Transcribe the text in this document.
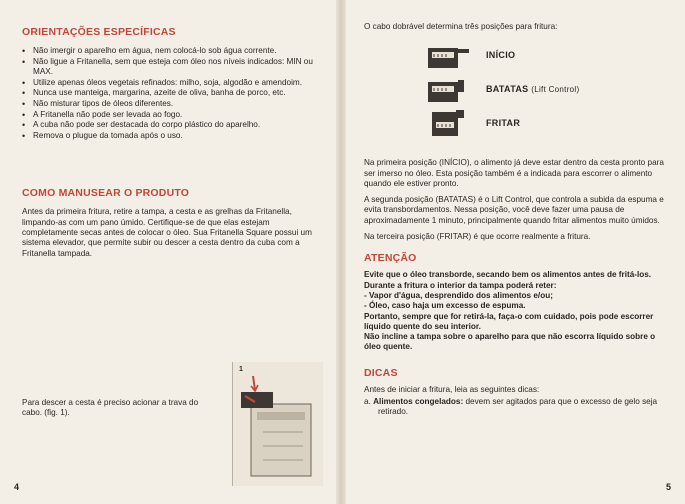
ORIENTAÇÕES ESPECÍFICAS
• Não imergir o aparelho em água, nem colocá-lo sob água corrente.
• Não ligue a Fritanella, sem que esteja com óleo nos níveis indicados: MIN ou MAX.
• Utilize apenas óleos vegetais refinados: milho, soja, algodão e amendoim.
• Nunca use manteiga, margarina, azeite de oliva, banha de porco, etc.
• Não misturar tipos de óleos diferentes.
• A Fritanella não pode ser levada ao fogo.
• A cuba não pode ser destacada do corpo plástico do aparelho.
• Remova o plugue da tomada após o uso.
COMO MANUSEAR O PRODUTO

Antes da primeira fritura, retire a tampa, a cesta e as grelhas da Fritanella, limpando-as com um pano úmido. Certifique-se de que elas estejam completamente secas antes de colocar o óleo. Sua Fritanella Square possui um sistema elevador, que permite subir ou descer a cesta dentro da cuba com a Fritanella tampada.

Para descer a cesta é preciso acionar a trava do cabo. (fig. 1).

1
4

O cabo dobrável determina três posições para fritura:

INÍCIO
BATATAS (Lift Control)
FRITAR

Na primeira posição (INÍCIO), o alimento já deve estar dentro da cesta pronto para ser imerso no óleo. Esta posição também é a indicada para escorrer o alimento quando ele estiver pronto.

A segunda posição (BATATAS) é o Lift Control, que controla a subida da espuma e evita transbordamentos. Nessa posição, você deve fazer uma pausa de aproximadamente 1 minuto, principalmente quando fritar alimentos muito úmidos.

Na terceira posição (FRITAR) é que ocorre realmente a fritura.

ATENÇÃO
Evite que o óleo transborde, secando bem os alimentos antes de fritá-los. Durante a fritura o interior da tampa poderá reter:
- Vapor d'água, desprendido dos alimentos e/ou;
- Óleo, caso haja um excesso de espuma.
Portanto, sempre que for retirá-la, faça-o com cuidado, pois pode escorrer líquido quente do seu interior.
Não incline a tampa sobre o aparelho para que não escorra líquido sobre o óleo quente.
DICAS

Antes de iniciar a fritura, leia as seguintes dicas:

a. Alimentos congelados: devem ser agitados para que o excesso de gelo seja retirado.
5
